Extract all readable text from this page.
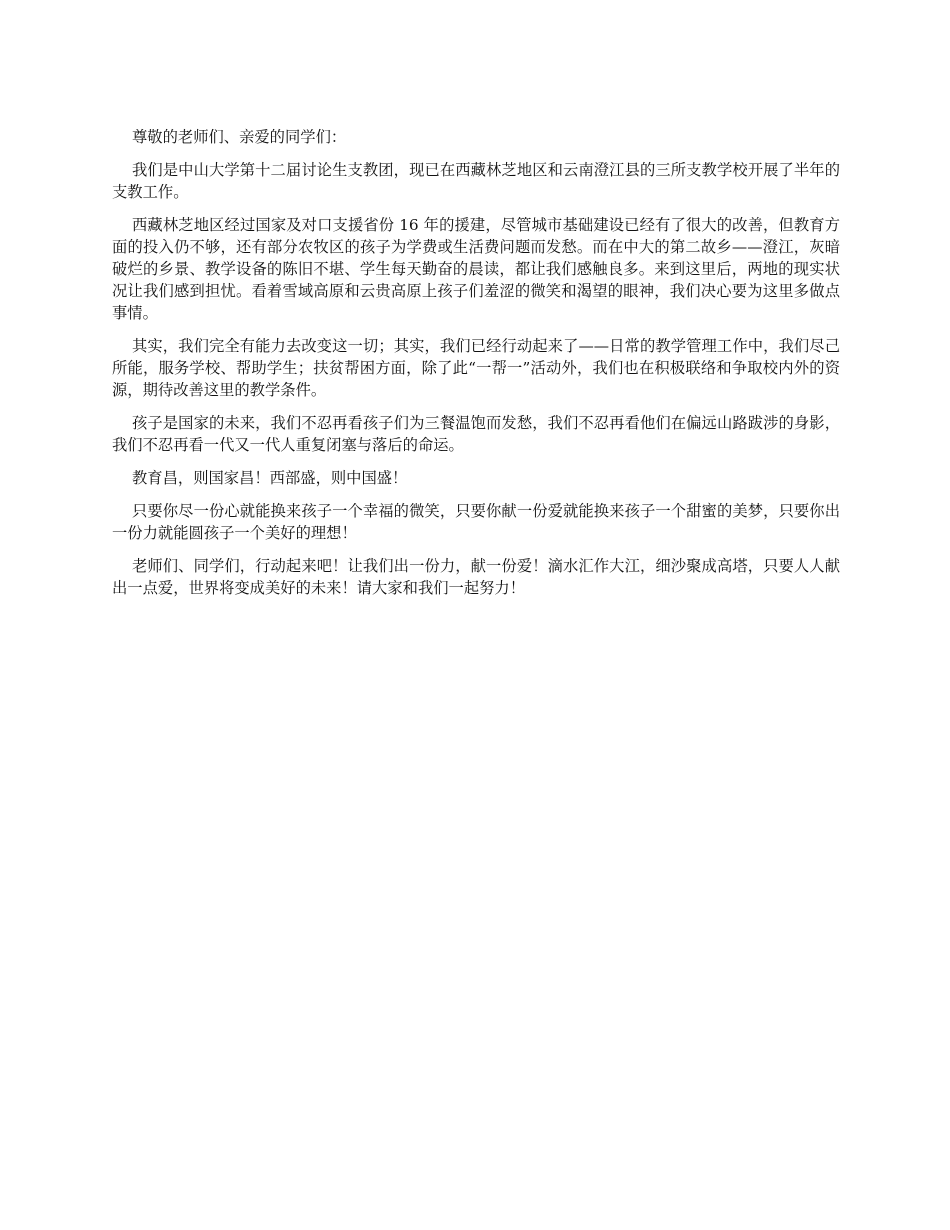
尊敬的老师们、亲爱的同学们：

我们是中山大学第十二届讨论生支教团，现已在西藏林芝地区和云南澄江县的三所支教学校开展了半年的支教工作。

西藏林芝地区经过国家及对口支援省份 16 年的援建，尽管城市基础建设已经有了很大的改善，但教育方面的投入仍不够，还有部分农牧区的孩子为学费或生活费问题而发愁。而在中大的第二故乡——澄江，灰暗破烂的乡景、教学设备的陈旧不堪、学生每天勤奋的晨读，都让我们感触良多。来到这里后，两地的现实状况让我们感到担忧。看着雪域高原和云贵高原上孩子们羞涩的微笑和渴望的眼神，我们决心要为这里多做点事情。

其实，我们完全有能力去改变这一切；其实，我们已经行动起来了——日常的教学管理工作中，我们尽己所能，服务学校、帮助学生；扶贫帮困方面，除了此“一帮一”活动外，我们也在积极联络和争取校内外的资源，期待改善这里的教学条件。

孩子是国家的未来，我们不忍再看孩子们为三餐温饱而发愁，我们不忍再看他们在偏远山路跋涉的身影，我们不忍再看一代又一代人重复闭塞与落后的命运。

教育昌，则国家昌！西部盛，则中国盛！

只要你尽一份心就能换来孩子一个幸福的微笑，只要你献一份爱就能换来孩子一个甜蜜的美梦，只要你出一份力就能圆孩子一个美好的理想！

老师们、同学们，行动起来吧！让我们出一份力，献一份爱！滴水汇作大江，细沙聚成高塔，只要人人献出一点爱，世界将变成美好的未来！请大家和我们一起努力！
